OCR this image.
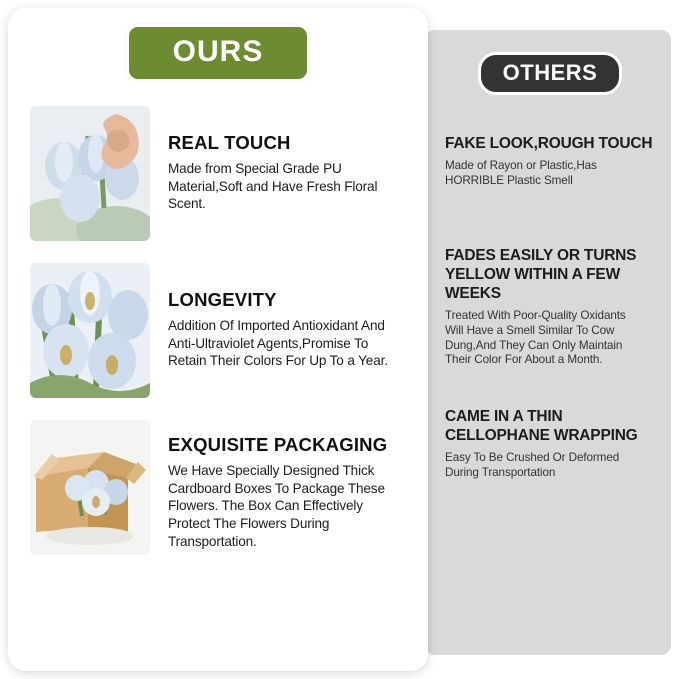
OTHERS
FAKE LOOK,ROUGH TOUCH
Made of Rayon or Plastic,Has HORRIBLE Plastic Smell
FADES EASILY OR TURNS YELLOW WITHIN A FEW WEEKS
Treated With Poor-Quality Oxidants Will Have a Smell Similar To Cow Dung,And They Can Only Maintain Their Color For About a Month.
CAME IN A THIN CELLOPHANE WRAPPING
Easy To Be Crushed Or Deformed During Transportation
OURS
REAL TOUCH
Made from Special Grade PU Material,Soft and Have Fresh Floral Scent.
LONGEVITY
Addition Of Imported Antioxidant And Anti-Ultraviolet Agents,Promise To Retain Their Colors For Up To a Year.
EXQUISITE PACKAGING
We Have Specially Designed Thick Cardboard Boxes To Package These Flowers. The Box Can Effectively Protect The Flowers During Transportation.
